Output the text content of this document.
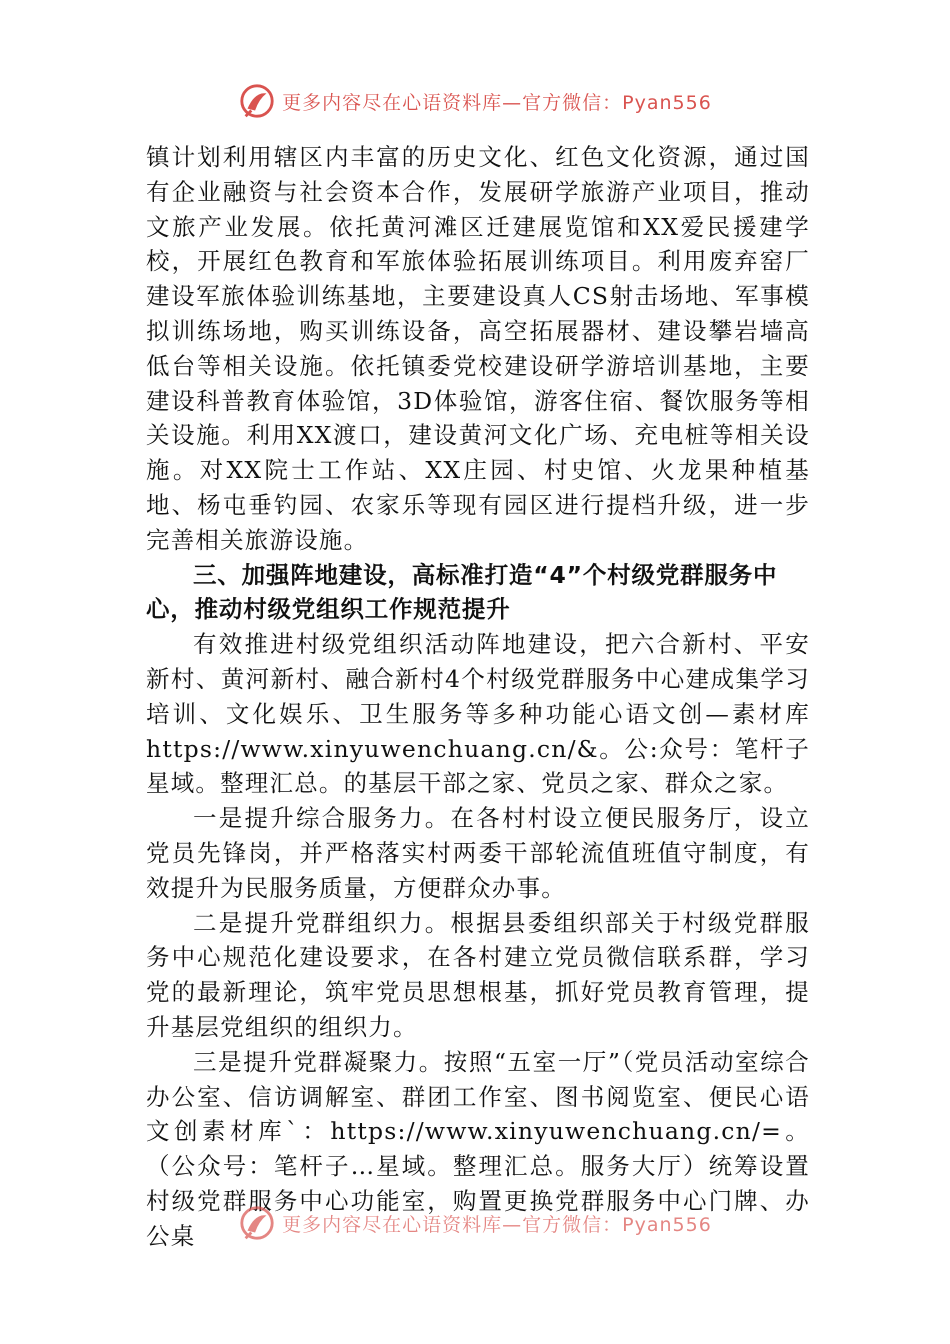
更多内容尽在心语资料库—官方微信：Pyan556

镇计划利用辖区内丰富的历史文化、红色文化资源，通过国有企业融资与社会资本合作，发展研学旅游产业项目，推动文旅产业发展。依托黄河滩区迁建展览馆和XX爱民援建学校，开展红色教育和军旅体验拓展训练项目。利用废弃窑厂建设军旅体验训练基地，主要建设真人CS射击场地、军事模拟训练场地，购买训练设备，高空拓展器材、建设攀岩墙高低台等相关设施。依托镇委党校建设研学游培训基地，主要建设科普教育体验馆，3D体验馆，游客住宿、餐饮服务等相关设施。利用XX渡口，建设黄河文化广场、充电桩等相关设施。对XX院士工作站、XX庄园、村史馆、火龙果种植基地、杨屯垂钓园、农家乐等现有园区进行提档升级，进一步完善相关旅游设施。

三、加强阵地建设，高标准打造“4”个村级党群服务中心，推动村级党组织工作规范提升

有效推进村级党组织活动阵地建设，把六合新村、平安新村、黄河新村、融合新村4个村级党群服务中心建成集学习培训、文化娱乐、卫生服务等多种功能心语文创—素材库https://www.xinyuwenchuang.cn/&。公:众号：笔杆子星域。整理汇总。的基层干部之家、党员之家、群众之家。

一是提升综合服务力。在各村村设立便民服务厅，设立党员先锋岗，并严格落实村两委干部轮流值班值守制度，有效提升为民服务质量，方便群众办事。

二是提升党群组织力。根据县委组织部关于村级党群服务中心规范化建设要求，在各村建立党员微信联系群，学习党的最新理论，筑牢党员思想根基，抓好党员教育管理，提升基层党组织的组织力。

三是提升党群凝聚力。按照“五室一厅”（党员活动室综合办公室、信访调解室、群团工作室、图书阅览室、便民心语文创素材库`：https://www.xinyuwenchuang.cn/=。（公众号：笔杆子…星域。整理汇总。服务大厅）统筹设置村级党群服务中心功能室，购置更换党群服务中心门牌、办公桌	更多内容尽在心语资料库—官方微信：Pyan556
